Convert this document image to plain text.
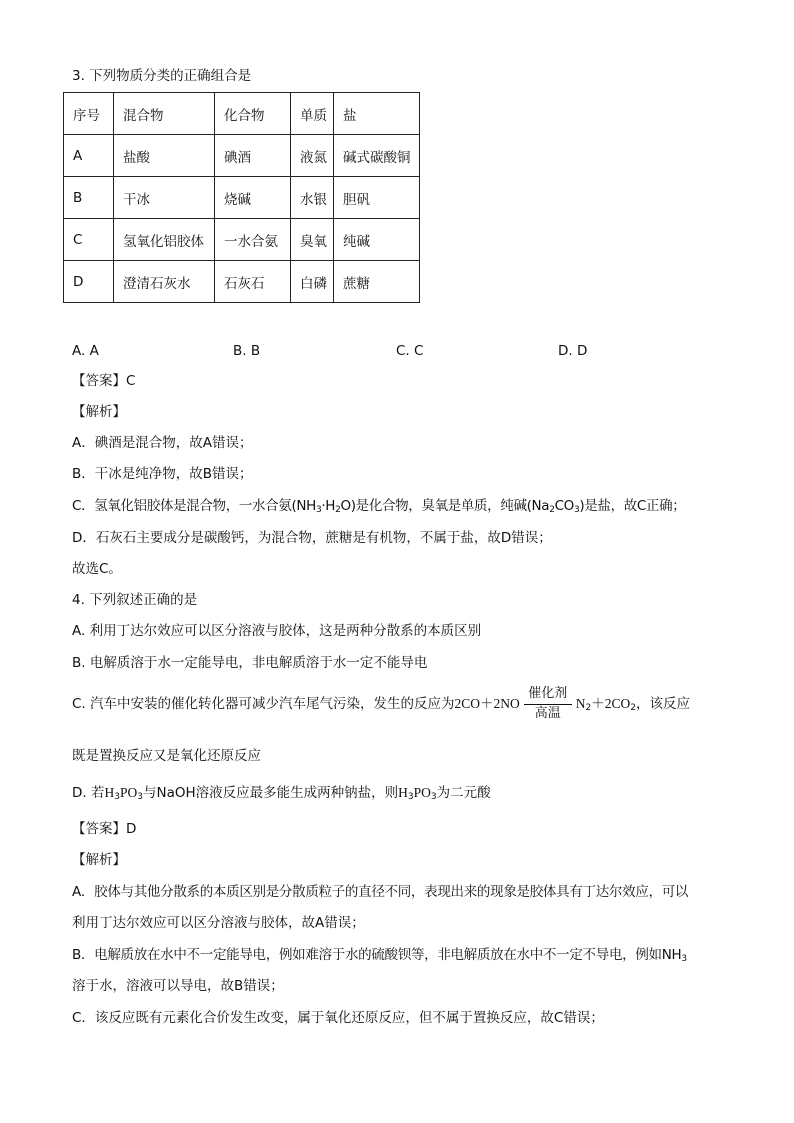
3. 下列物质分类的正确组合是
序号	混合物	化合物	单质	盐
A	盐酸	碘酒	液氮	碱式碳酸铜
B	干冰	烧碱	水银	胆矾
C	氢氧化铝胶体	一水合氨	臭氧	纯碱
D	澄清石灰水	石灰石	白磷	蔗糖
A. A	B. B	C. C	D. D
【答案】C
【解析】
A．碘酒是混合物，故A错误；
B．干冰是纯净物，故B错误；
C．氢氧化铝胶体是混合物，一水合氨$(NH_3\cdot H_2O)$是化合物，臭氧是单质，纯碱$(Na_2CO_3)$是盐，故C正确；
D．石灰石主要成分是碳酸钙，为混合物，蔗糖是有机物，不属于盐，故D错误；
故选C。
4. 下列叙述正确的是
A. 利用丁达尔效应可以区分溶液与胶体，这是两种分散系的本质区别
B. 电解质溶于水一定能导电，非电解质溶于水一定不能导电
C. 汽车中安装的催化转化器可减少汽车尾气污染，发生的反应为2CO＋2NO
催化剂
高温
$N_2+2CO_2$，该反应
既是置换反应又是氧化还原反应
D. 若$H_3PO_3$与NaOH溶液反应最多能生成两种钠盐，则$H_3PO_3$为二元酸
【答案】D
【解析】
A．胶体与其他分散系的本质区别是分散质粒子的直径不同，表现出来的现象是胶体具有丁达尔效应，可以
利用丁达尔效应可以区分溶液与胶体，故A错误；
B．电解质放在水中不一定能导电，例如难溶于水的硫酸钡等，非电解质放在水中不一定不导电，例如$NH_3$
溶于水，溶液可以导电，故B错误；
C．该反应既有元素化合价发生改变，属于氧化还原反应，但不属于置换反应，故C错误；
